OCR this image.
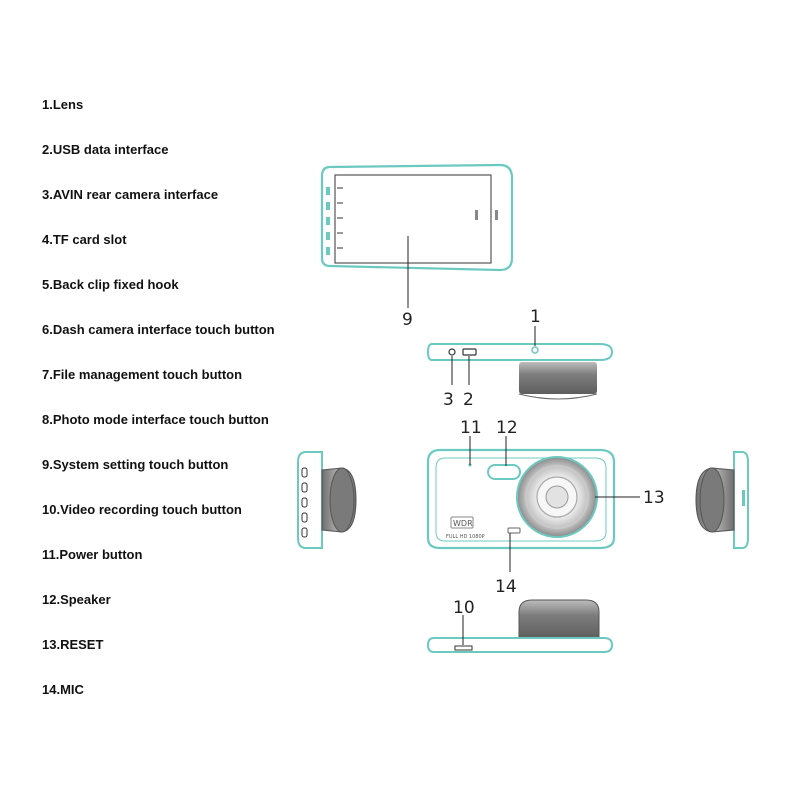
1.Lens
2.USB data interface
3.AVIN rear camera interface
4.TF card slot
5.Back clip fixed hook
6.Dash camera interface touch button
7.File management touch button
8.Photo mode interface touch button
9.System setting touch button
10.Video recording touch button
11.Power button
12.Speaker
13.RESET
14.MIC
9	1
3 2
WDR
FULL HD 1080P
11 12
13
14
10
